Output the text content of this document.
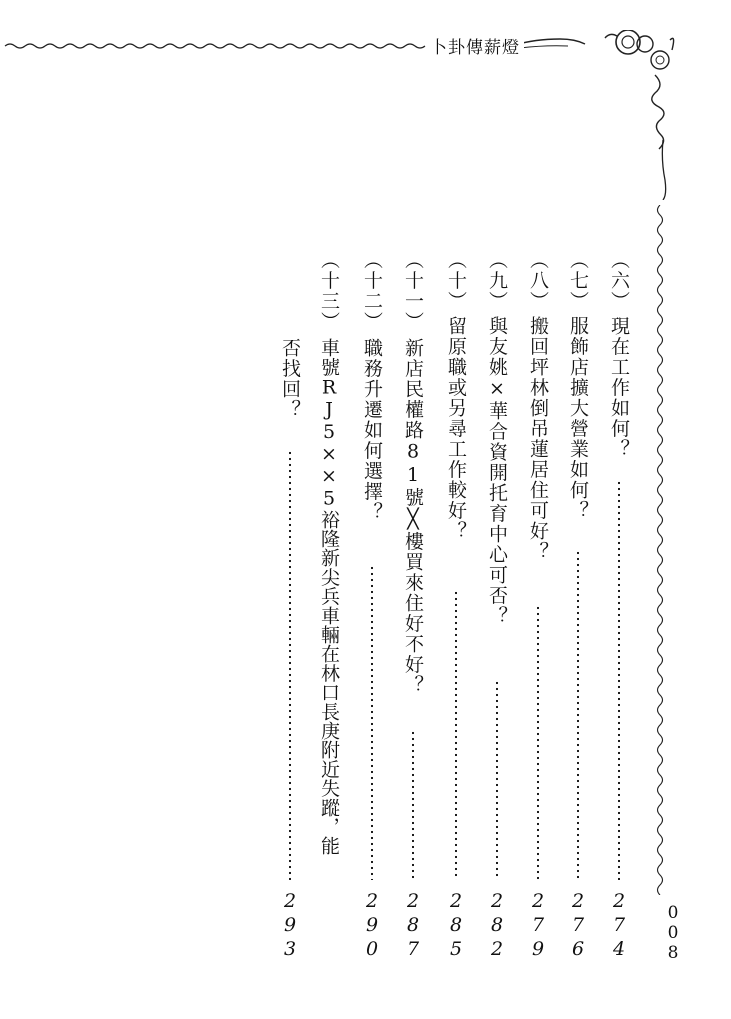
卜卦傳薪燈
008
（六）
現在工作如何？
274
（七）
服飾店擴大營業如何？
276
（八）
搬回坪林倒吊蓮居住可好？
279
（九）
與友姚×華合資開托育中心可否？
282
（十）
留原職或另尋工作較好？
285
（十一）
新店民權路81號╳樓買來住好不好？
287
（十二）
職務升遷如何選擇？
290
（十三）
車號RJ5××5裕隆新尖兵車輛在林口長庚附近失蹤，能
否找回？
293
